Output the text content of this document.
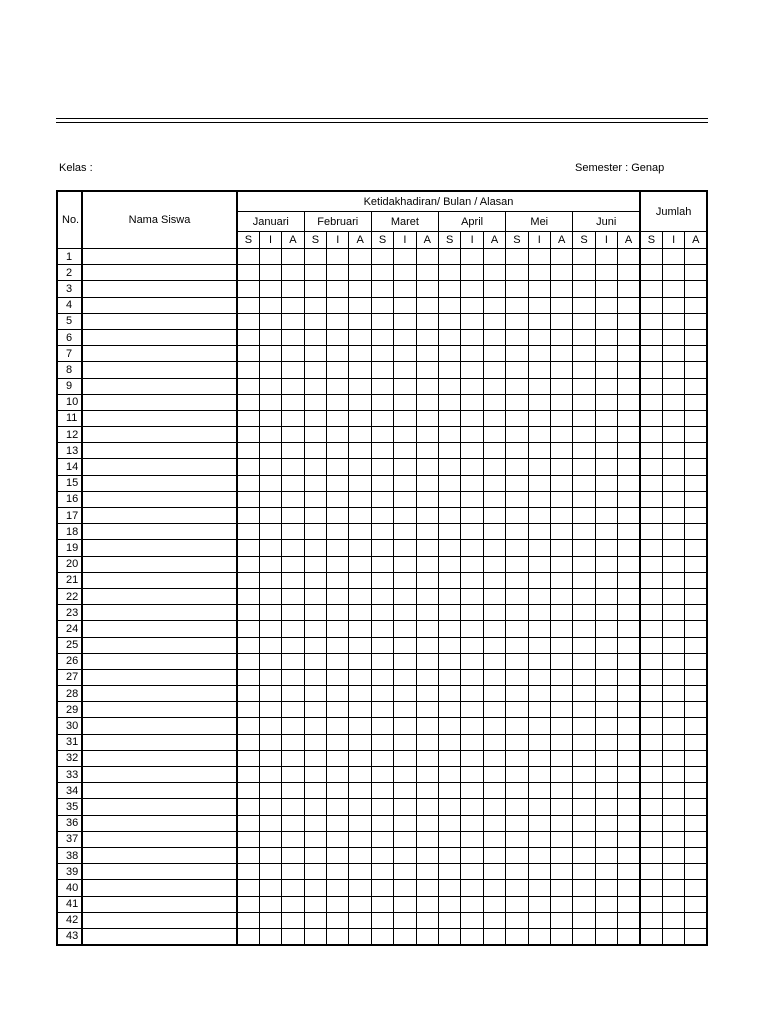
Kelas :	Semester : Genap
No.	Nama Siswa	Ketidakhadiran/ Bulan / Alasan																		Jumlah		
		Januari			Februari			Maret			April			Mei			Juni					
		S	I	A	S	I	A	S	I	A	S	I	A	S	I	A	S	I	A	S	I	A
1																						
2																						
3																						
4																						
5																						
6																						
7																						
8																						
9																						
10																						
11																						
12																						
13																						
14																						
15																						
16																						
17																						
18																						
19																						
20																						
21																						
22																						
23																						
24																						
25																						
26																						
27																						
28																						
29																						
30																						
31																						
32																						
33																						
34																						
35																						
36																						
37																						
38																						
39																						
40																						
41																						
42																						
43																						
